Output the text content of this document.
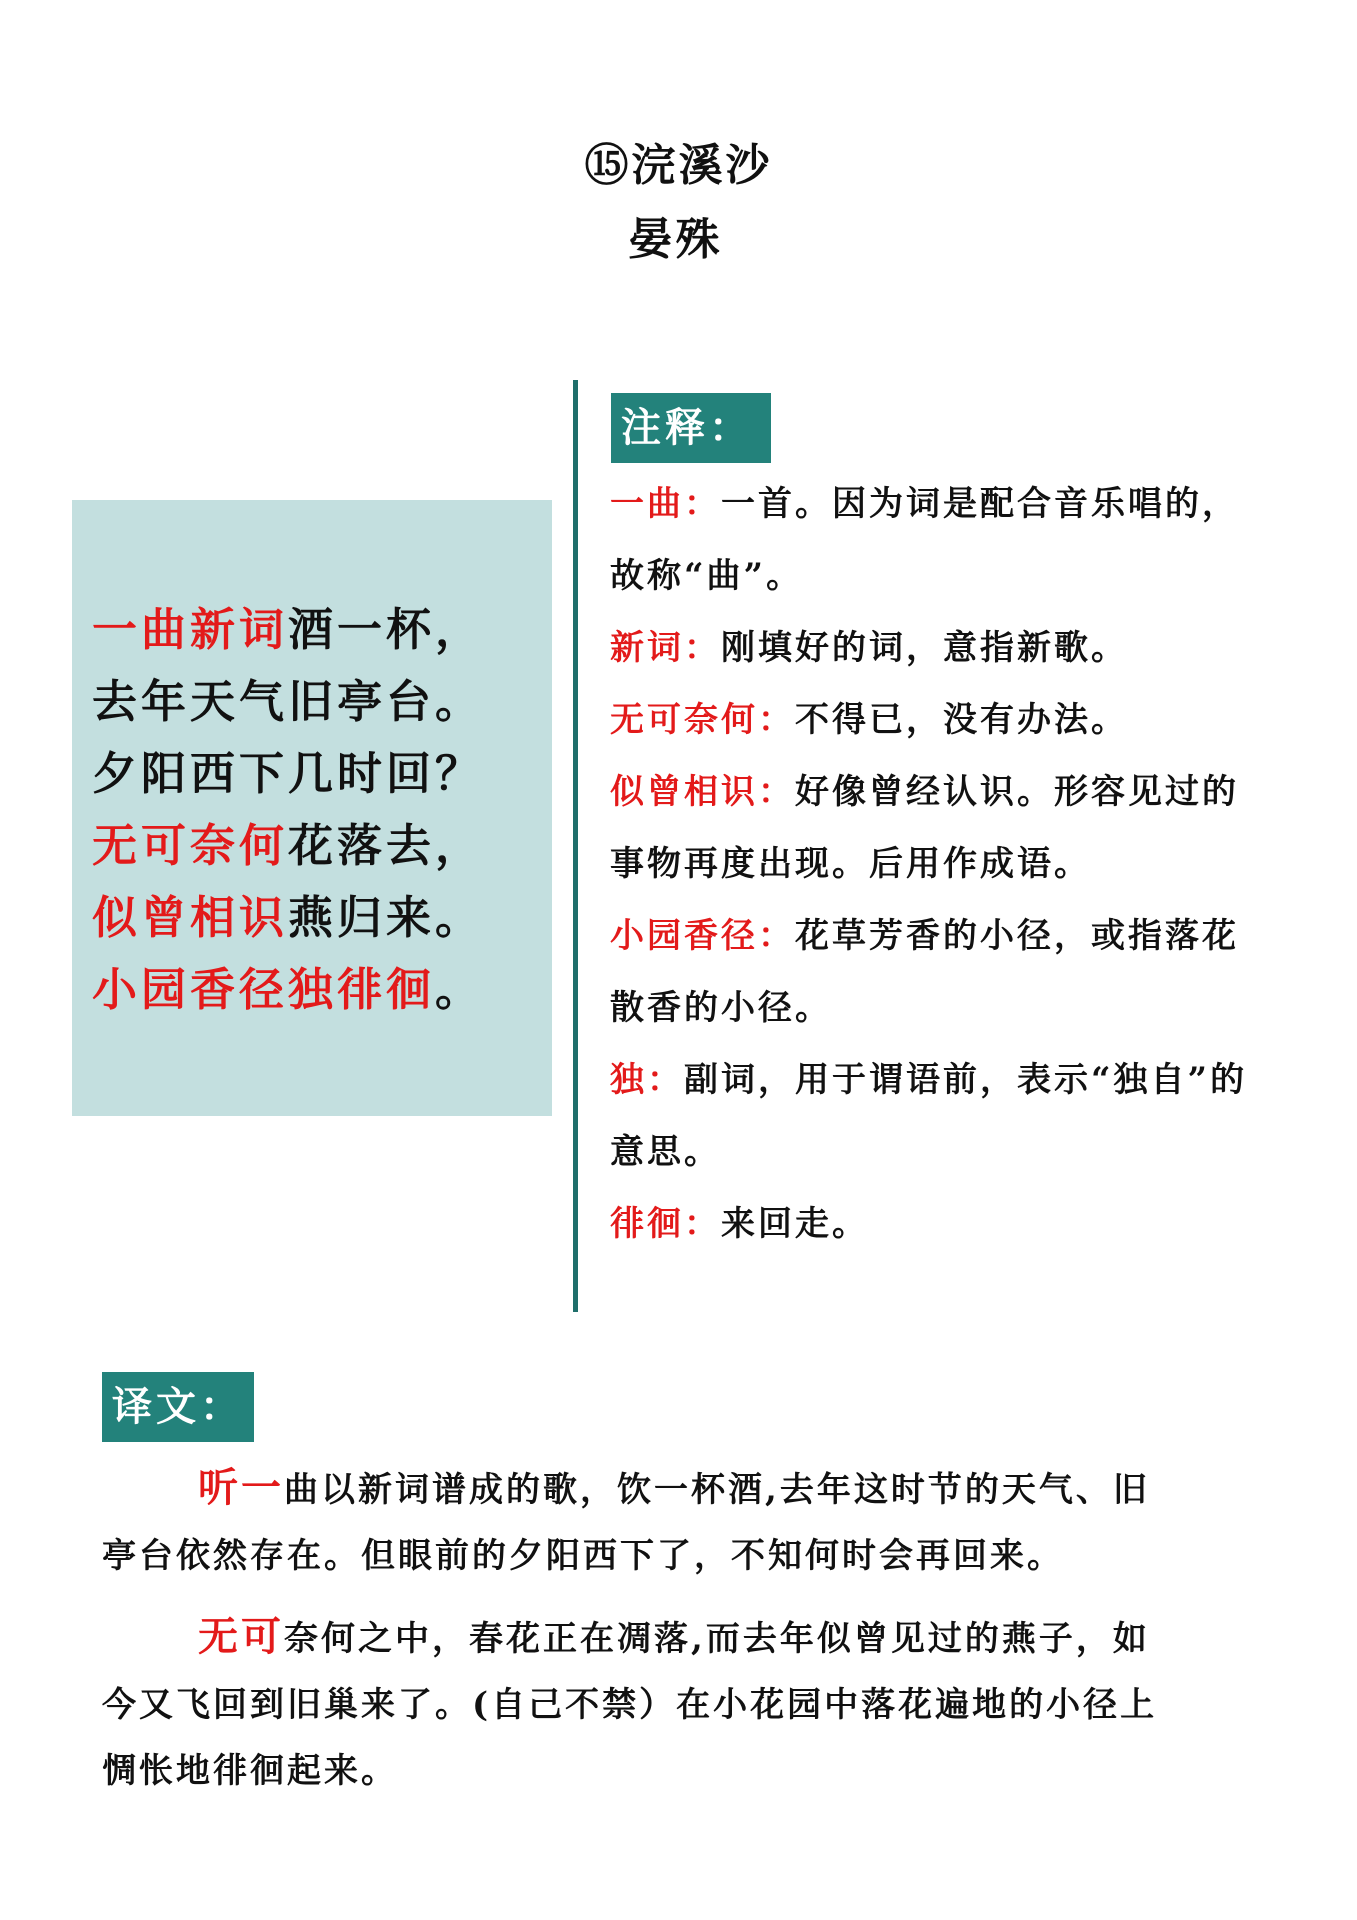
⑮浣溪沙
晏殊
一曲新词酒一杯，
去年天气旧亭台。
夕阳西下几时回？
无可奈何花落去，
似曾相识燕归来。
小园香径独徘徊。
注释：
一曲：一首。因为词是配合音乐唱的，
故称“曲”。
新词：刚填好的词，意指新歌。
无可奈何：不得已，没有办法。
似曾相识：好像曾经认识。形容见过的
事物再度出现。后用作成语。
小园香径：花草芳香的小径，或指落花
散香的小径。
独：副词，用于谓语前，表示“独自”的
意思。
徘徊：来回走。
译文：
听一曲以新词谱成的歌，饮一杯酒,去年这时节的天气、旧
亭台依然存在。但眼前的夕阳西下了，不知何时会再回来。
无可奈何之中，春花正在凋落,而去年似曾见过的燕子，如
今又飞回到旧巢来了。(自己不禁）在小花园中落花遍地的小径上
惆怅地徘徊起来。
